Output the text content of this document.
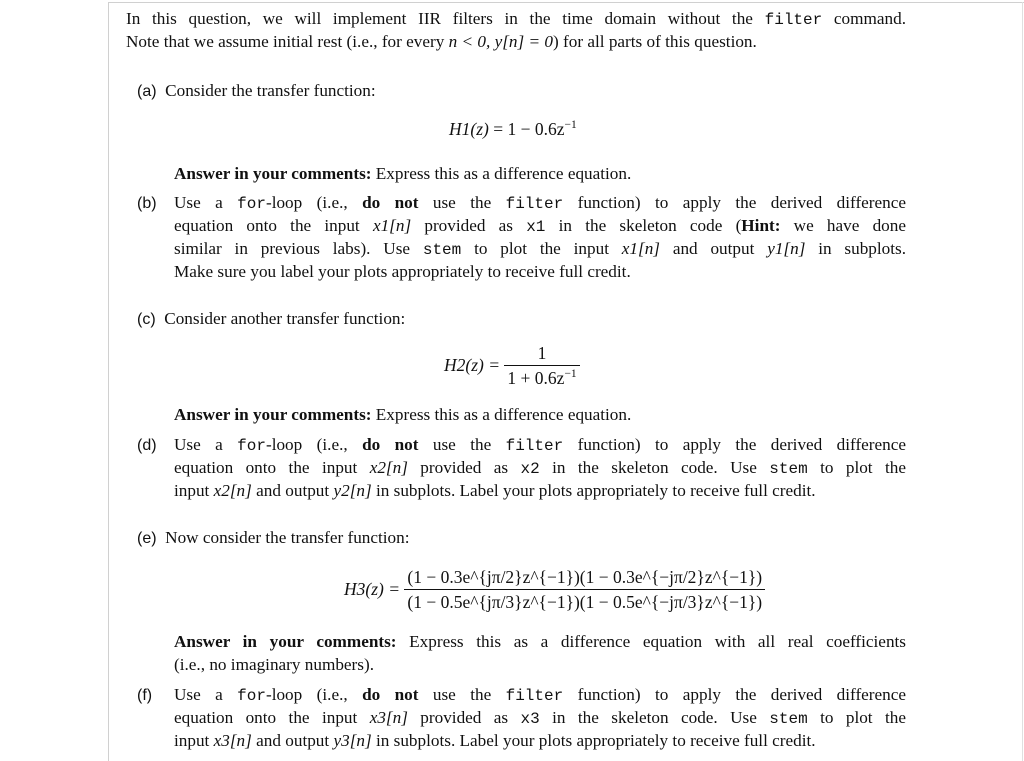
In this question, we will implement IIR filters in the time domain without the filter command.
Note that we assume initial rest (i.e., for every n < 0, y[n] = 0) for all parts of this question.
(a) Consider the transfer function:
$H1(z) = 1 - 0.6z^{-1}$
Answer in your comments: Express this as a difference equation.
(b) Use a for-loop (i.e., do not use the filter function) to apply the derived difference
equation onto the input x1[n] provided as x1 in the skeleton code (Hint: we have done
similar in previous labs). Use stem to plot the input x1[n] and output y1[n] in subplots.
Make sure you label your plots appropriately to receive full credit.
(c) Consider another transfer function:
$H2(z) = \frac{1}{1 + 0.6z^{-1}}$
Answer in your comments: Express this as a difference equation.
(d) Use a for-loop (i.e., do not use the filter function) to apply the derived difference
equation onto the input x2[n] provided as x2 in the skeleton code. Use stem to plot the
input x2[n] and output y2[n] in subplots. Label your plots appropriately to receive full credit.
(e) Now consider the transfer function:
$H3(z) = \frac{(1 - 0.3e\^{}\{j\pi/2\}z\^{}\{-1\})(1 - 0.3e\^{}\{-j\pi/2\}z\^{}\{-1\})}{(1 - 0.5e\^{}\{j\pi/3\}z\^{}\{-1\})(1 - 0.5e\^{}\{-j\pi/3\}z\^{}\{-1\})}$
Answer in your comments: Express this as a difference equation with all real coefficients
(i.e., no imaginary numbers).
(f) Use a for-loop (i.e., do not use the filter function) to apply the derived difference
equation onto the input x3[n] provided as x3 in the skeleton code. Use stem to plot the
input x3[n] and output y3[n] in subplots. Label your plots appropriately to receive full credit.
